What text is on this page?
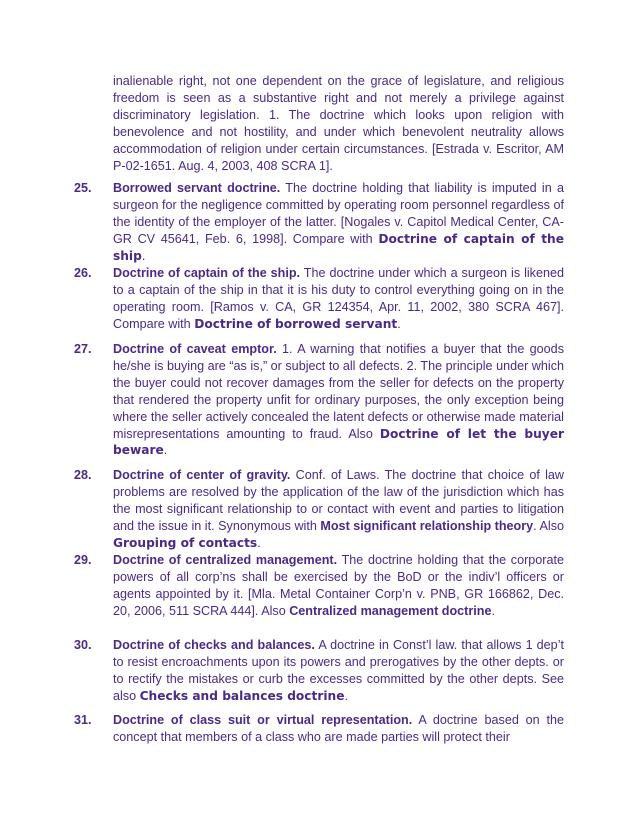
inalienable right, not one dependent on the grace of legislature, and religious freedom is seen as a substantive right and not merely a privilege against discriminatory legislation. 1. The doctrine which looks upon religion with benevolence and not hostility, and under which benevolent neutrality allows accommodation of religion under certain circumstances. [Estrada v. Escritor, AM P-02-1651. Aug. 4, 2003, 408 SCRA 1].
25.	Borrowed servant doctrine. The doctrine holding that liability is imputed in a surgeon for the negligence committed by operating room personnel regardless of the identity of the employer of the latter. [Nogales v. Capitol Medical Center, CA-GR CV 45641, Feb. 6, 1998]. Compare with Doctrine of captain of the ship.
26.	Doctrine of captain of the ship. The doctrine under which a surgeon is likened to a captain of the ship in that it is his duty to control everything going on in the operating room. [Ramos v. CA, GR 124354, Apr. 11, 2002, 380 SCRA 467]. Compare with Doctrine of borrowed servant.
27.	Doctrine of caveat emptor. 1. A warning that notifies a buyer that the goods he/she is buying are “as is,” or subject to all defects. 2. The principle under which the buyer could not recover damages from the seller for defects on the property that rendered the property unfit for ordinary purposes, the only exception being where the seller actively concealed the latent defects or otherwise made material misrepresentations amounting to fraud. Also Doctrine of let the buyer beware.
28.	Doctrine of center of gravity. Conf. of Laws. The doctrine that choice of law problems are resolved by the application of the law of the jurisdiction which has the most significant relationship to or contact with event and parties to litigation and the issue in it. Synonymous with Most significant relationship theory. Also Grouping of contacts.
29.	Doctrine of centralized management. The doctrine holding that the corporate powers of all corp’ns shall be exercised by the BoD or the indiv’l officers or agents appointed by it. [Mla. Metal Container Corp’n v. PNB, GR 166862, Dec. 20, 2006, 511 SCRA 444]. Also Centralized management doctrine.
30.	Doctrine of checks and balances. A doctrine in Const’l law. that allows 1 dep’t to resist encroachments upon its powers and prerogatives by the other depts. or to rectify the mistakes or curb the excesses committed by the other depts. See also Checks and balances doctrine.
31.	Doctrine of class suit or virtual representation. A doctrine based on the concept that members of a class who are made parties will protect their
